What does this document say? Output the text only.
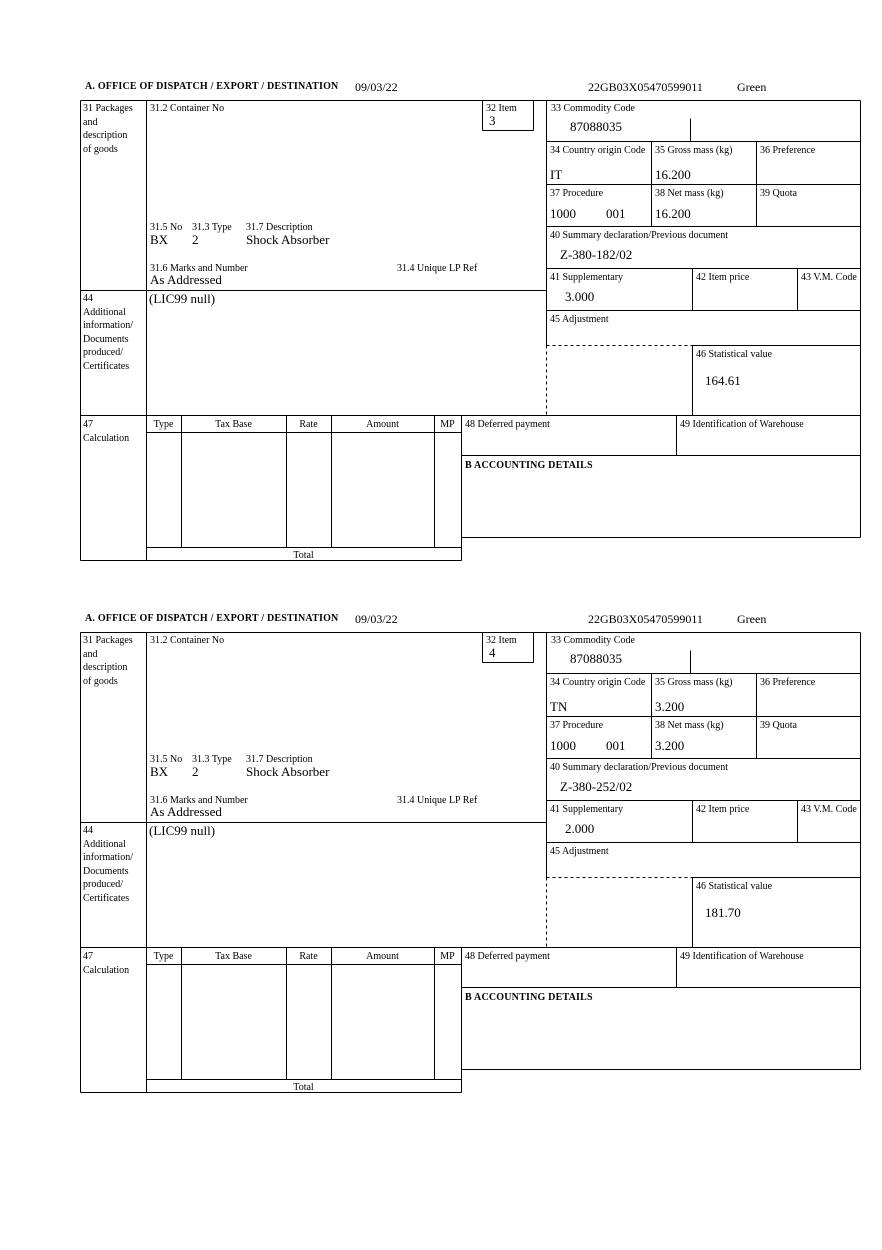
A. OFFICE OF DISPATCH / EXPORT / DESTINATION 09/03/22	22GB03X05470599011	Green
31 Packages
and
description
of goods
31.2 Container No	32 Item
3
33 Commodity Code
87088035
34 Country origin Code
IT
35 Gross mass (kg)
16.200
36 Preference
37 Procedure
1000 001
38 Net mass (kg)
16.200
39 Quota
40 Summary declaration/Previous document
Z-380-182/02
41 Supplementary
3.000
42 Item price	43 V.M. Code
45 Adjustment
46 Statistical value
164.61
31.5 No 31.3 Type 31.7 Description
BX 2	Shock Absorber
31.6 Marks and Number	31.4 Unique LP Ref
As Addressed
44
Additional
information/
Documents
produced/
Certificates
(LIC99 null)
47
Calculation
Type	Tax Base	Rate	Amount	MP
Total
48 Deferred payment	49 Identification of Warehouse
B ACCOUNTING DETAILS
A. OFFICE OF DISPATCH / EXPORT / DESTINATION 09/03/22	22GB03X05470599011	Green
31 Packages
and
description
of goods
31.2 Container No	32 Item
4
33 Commodity Code
87088035
34 Country origin Code
TN
35 Gross mass (kg)
3.200
36 Preference
37 Procedure
1000 001
38 Net mass (kg)
3.200
39 Quota
40 Summary declaration/Previous document
Z-380-252/02
41 Supplementary
2.000
42 Item price	43 V.M. Code
45 Adjustment
46 Statistical value
181.70
31.5 No 31.3 Type 31.7 Description
BX 2	Shock Absorber
31.6 Marks and Number	31.4 Unique LP Ref
As Addressed
44
Additional
information/
Documents
produced/
Certificates
(LIC99 null)
47
Calculation
Type	Tax Base	Rate	Amount	MP
Total
48 Deferred payment	49 Identification of Warehouse
B ACCOUNTING DETAILS
